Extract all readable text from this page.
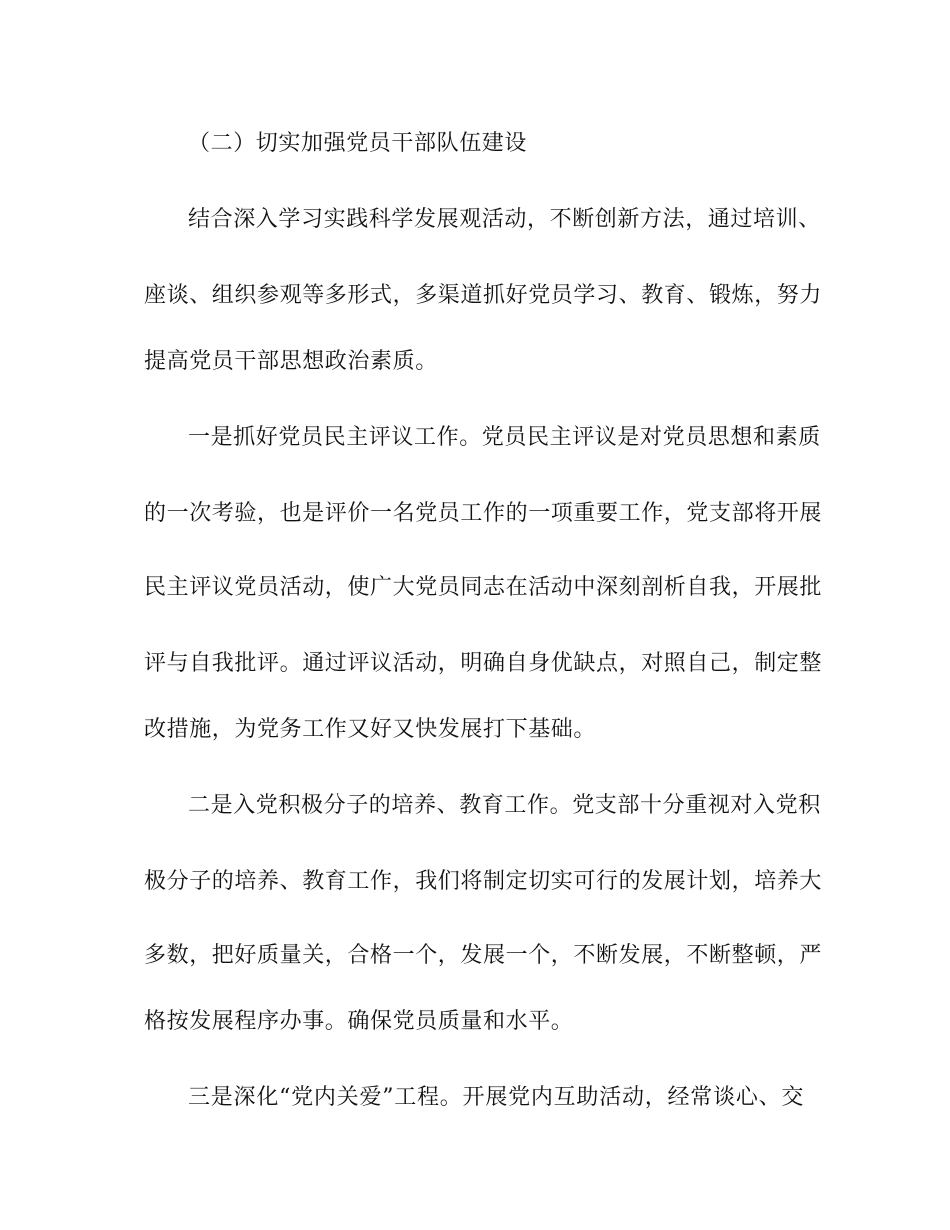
（二）切实加强党员干部队伍建设
结合深入学习实践科学发展观活动，不断创新方法，通过培训、
座谈、组织参观等多形式，多渠道抓好党员学习、教育、锻炼，努力
提高党员干部思想政治素质。
一是抓好党员民主评议工作。党员民主评议是对党员思想和素质
的一次考验，也是评价一名党员工作的一项重要工作，党支部将开展
民主评议党员活动，使广大党员同志在活动中深刻剖析自我，开展批
评与自我批评。通过评议活动，明确自身优缺点，对照自己，制定整
改措施，为党务工作又好又快发展打下基础。
二是入党积极分子的培养、教育工作。党支部十分重视对入党积
极分子的培养、教育工作，我们将制定切实可行的发展计划，培养大
多数，把好质量关，合格一个，发展一个，不断发展，不断整顿，严
格按发展程序办事。确保党员质量和水平。
三是深化“党内关爱”工程。开展党内互助活动，经常谈心、交
